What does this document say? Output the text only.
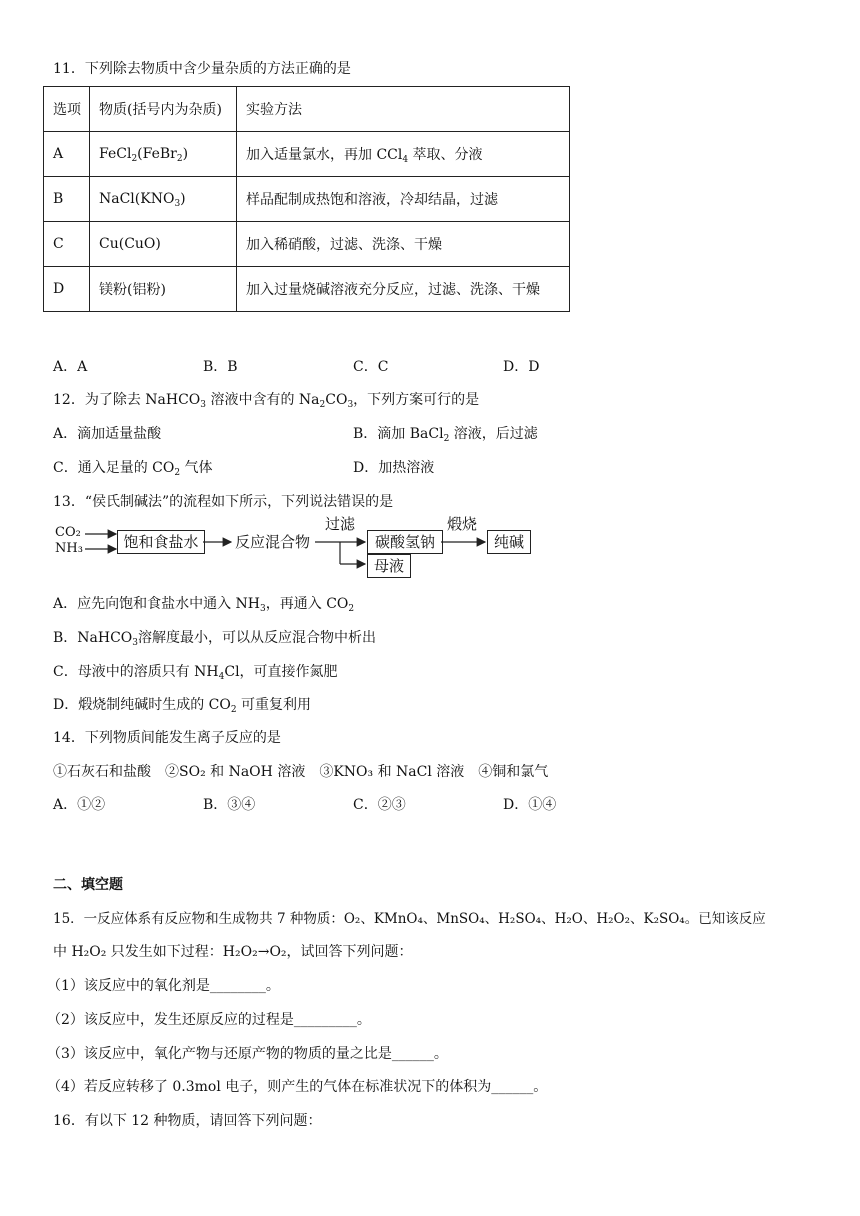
11．下列除去物质中含少量杂质的方法正确的是
选项	物质(括号内为杂质)	实验方法
A	FeCl$_2$(FeBr$_2$)	加入适量氯水，再加 CCl$_4$ 萃取、分液
B	$NaCl(KNO_3)$	样品配制成热饱和溶液，冷却结晶，过滤
C	Cu(CuO)	加入稀硝酸，过滤、洗涤、干燥
D	镁粉(铝粉)	加入过量烧碱溶液充分反应，过滤、洗涤、干燥
A．A	B．B	C．C	D．D
12．为了除去 NaHCO$_3$ 溶液中含有的 $Na_2CO_3$，下列方案可行的是
A．滴加适量盐酸	B．滴加 BaCl$_2$ 溶液，后过滤
C．通入足量的 $CO_2$ 气体	D．加热溶液
13．“侯氏制碱法”的流程如下所示，下列说法错误的是
CO₂
NH₃	饱和食盐水	反应混合物
过滤
碳酸氢钠
煅烧
纯碱
母液
A．应先向饱和食盐水中通入 $NH_3$，再通入 $CO_2$
B．NaHCO$_3$溶解度最小，可以从反应混合物中析出
C．母液中的溶质只有 $NH_4Cl$，可直接作氮肥
D．煅烧制纯碱时生成的 $CO_2$ 可重复利用
14．下列物质间能发生离子反应的是
①石灰石和盐酸　②SO₂ 和 NaOH 溶液　③KNO₃ 和 NaCl 溶液　④铜和氯气
A．①②	B．③④	C．②③	D．①④
二、填空题
15．一反应体系有反应物和生成物共 7 种物质：O₂、KMnO₄、MnSO₄、H₂SO₄、H₂O、H₂O₂、K₂SO₄。已知该反应
中 H₂O₂ 只发生如下过程：H₂O₂→O₂，试回答下列问题：
（1）该反应中的氧化剂是________。
（2）该反应中，发生还原反应的过程是_________。
（3）该反应中，氧化产物与还原产物的物质的量之比是______。
（4）若反应转移了 0.3mol 电子，则产生的气体在标准状况下的体积为______。
16．有以下 12 种物质，请回答下列问题：
